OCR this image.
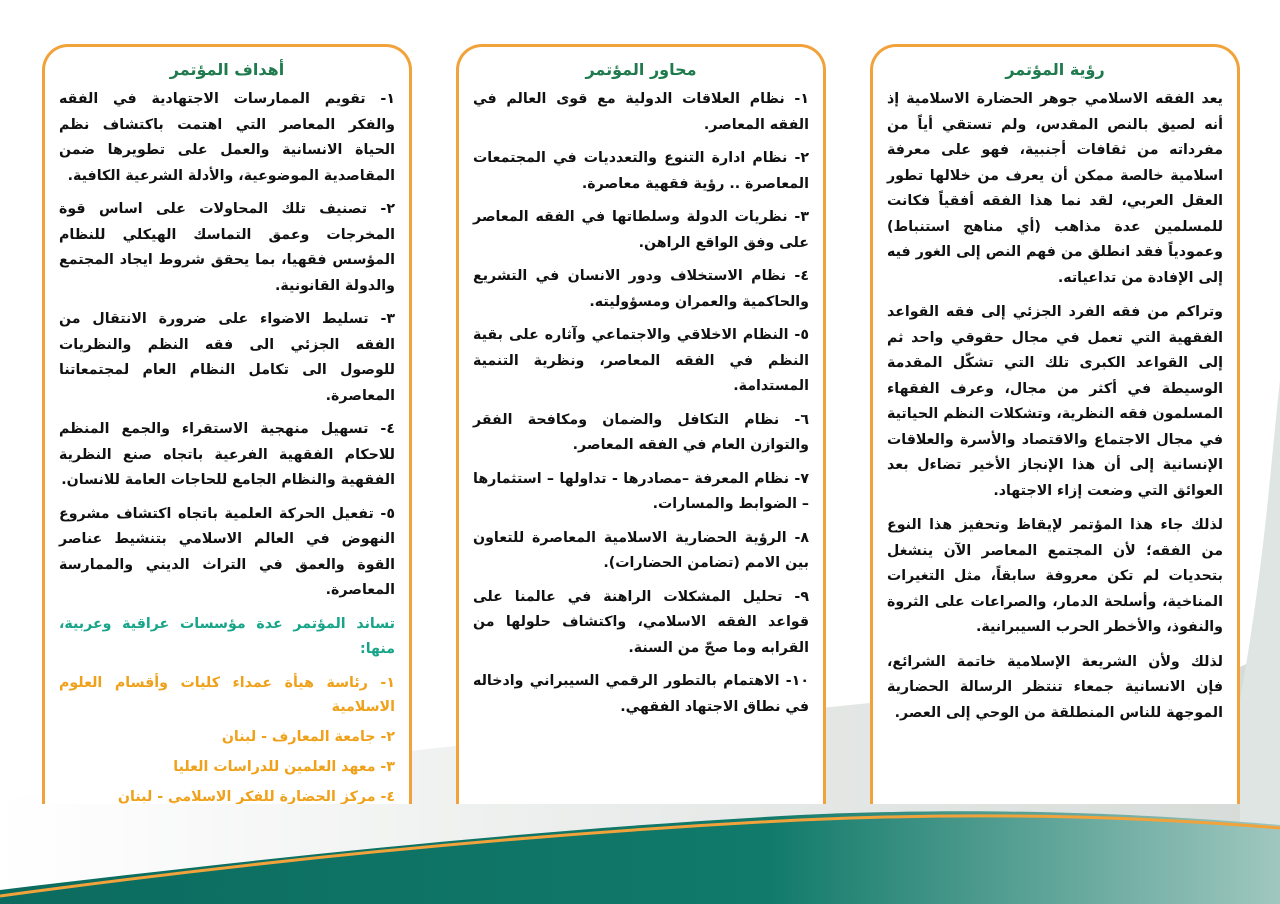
رؤية المؤتمر

يعد الفقه الاسلامي جوهر الحضارة الاسلامية إذ أنه لصيق بالنص المقدس، ولم تستقي أياً من مفرداته من ثقافات أجنبية، فهو على معرفة اسلامية خالصة ممكن أن يعرف من خلالها تطور العقل العربي، لقد نما هذا الفقه أفقياً فكانت للمسلمين عدة مذاهب (أي مناهج استنباط) وعمودياً فقد انطلق من فهم النص إلى الغور فيه إلى الإفادة من تداعياته.

وتراكم من فقه الفرد الجزئي إلى فقه القواعد الفقهية التي تعمل في مجال حقوقي واحد ثم إلى القواعد الكبرى تلك التي تشكّل المقدمة الوسيطة في أكثر من مجال، وعرف الفقهاء المسلمون فقه النظرية، وتشكلات النظم الحياتية في مجال الاجتماع والاقتصاد والأسرة والعلاقات الإنسانية إلى أن هذا الإنجاز الأخير تضاءل بعد العوائق التي وضعت إزاء الاجتهاد.

لذلك جاء هذا المؤتمر لإيقاظ وتحفيز هذا النوع من الفقه؛ لأن المجتمع المعاصر الآن ينشغل بتحديات لم تكن معروفة سابقاً، مثل التغيرات المناخية، وأسلحة الدمار، والصراعات على الثروة والنفوذ، والأخطر الحرب السيبرانية.

لذلك ولأن الشريعة الإسلامية خاتمة الشرائع، فإن الانسانية جمعاء تنتظر الرسالة الحضارية الموجهة للناس المنطلقة من الوحي إلى العصر.

محاور المؤتمر

١- نظام العلاقات الدولية مع قوى العالم في الفقه المعاصر.

٢- نظام ادارة التنوع والتعدديات في المجتمعات المعاصرة .. رؤية فقهية معاصرة.

٣- نظريات الدولة وسلطاتها في الفقه المعاصر على وفق الواقع الراهن.

٤- نظام الاستخلاف ودور الانسان في التشريع والحاكمية والعمران ومسؤوليته.

٥- النظام الاخلاقي والاجتماعي وآثاره على بقية النظم في الفقه المعاصر، ونظرية التنمية المستدامة.

٦- نظام التكافل والضمان ومكافحة الفقر والتوازن العام في الفقه المعاصر.

٧- نظام المعرفة –مصادرها - تداولها – استثمارها – الضوابط والمسارات.

٨- الرؤية الحضارية الاسلامية المعاصرة للتعاون بين الامم (تضامن الحضارات).

٩- تحليل المشكلات الراهنة في عالمنا على قواعد الفقه الاسلامي، واكتشاف حلولها من القرابه وما صحّ من السنة.

١٠- الاهتمام بالتطور الرقمي السيبراني وادخاله في نطاق الاجتهاد الفقهي.

أهداف المؤتمر

١- تقويم الممارسات الاجتهادية في الفقه والفكر المعاصر التي اهتمت باكتشاف نظم الحياة الانسانية والعمل على تطويرها ضمن المقاصدية الموضوعية، والأدلة الشرعية الكافية.

٢- تصنيف تلك المحاولات على اساس قوة المخرجات وعمق التماسك الهيكلي للنظام المؤسس فقهيا، بما يحقق شروط ايجاد المجتمع والدولة القانونية.

٣- تسليط الاضواء على ضرورة الانتقال من الفقه الجزئي الى فقه النظم والنظريات للوصول الى تكامل النظام العام لمجتمعاتنا المعاصرة.

٤- تسهيل منهجية الاستقراء والجمع المنظم للاحكام الفقهية الفرعية باتجاه صنع النظرية الفقهية والنظام الجامع للحاجات العامة للانسان.

٥- تفعيل الحركة العلمية باتجاه اكتشاف مشروع النهوض في العالم الاسلامي بتنشيط عناصر القوة والعمق في التراث الديني والممارسة المعاصرة.

تساند المؤتمر عدة مؤسسات عراقية وعربية، منها:

١- رئاسة هيأة عمداء كليات وأقسام العلوم الاسلامية

٢- جامعة المعارف - لبنان

٣- معهد العلمين للدراسات العليا

٤- مركز الحضارة للفكر الاسلامي - لبنان
